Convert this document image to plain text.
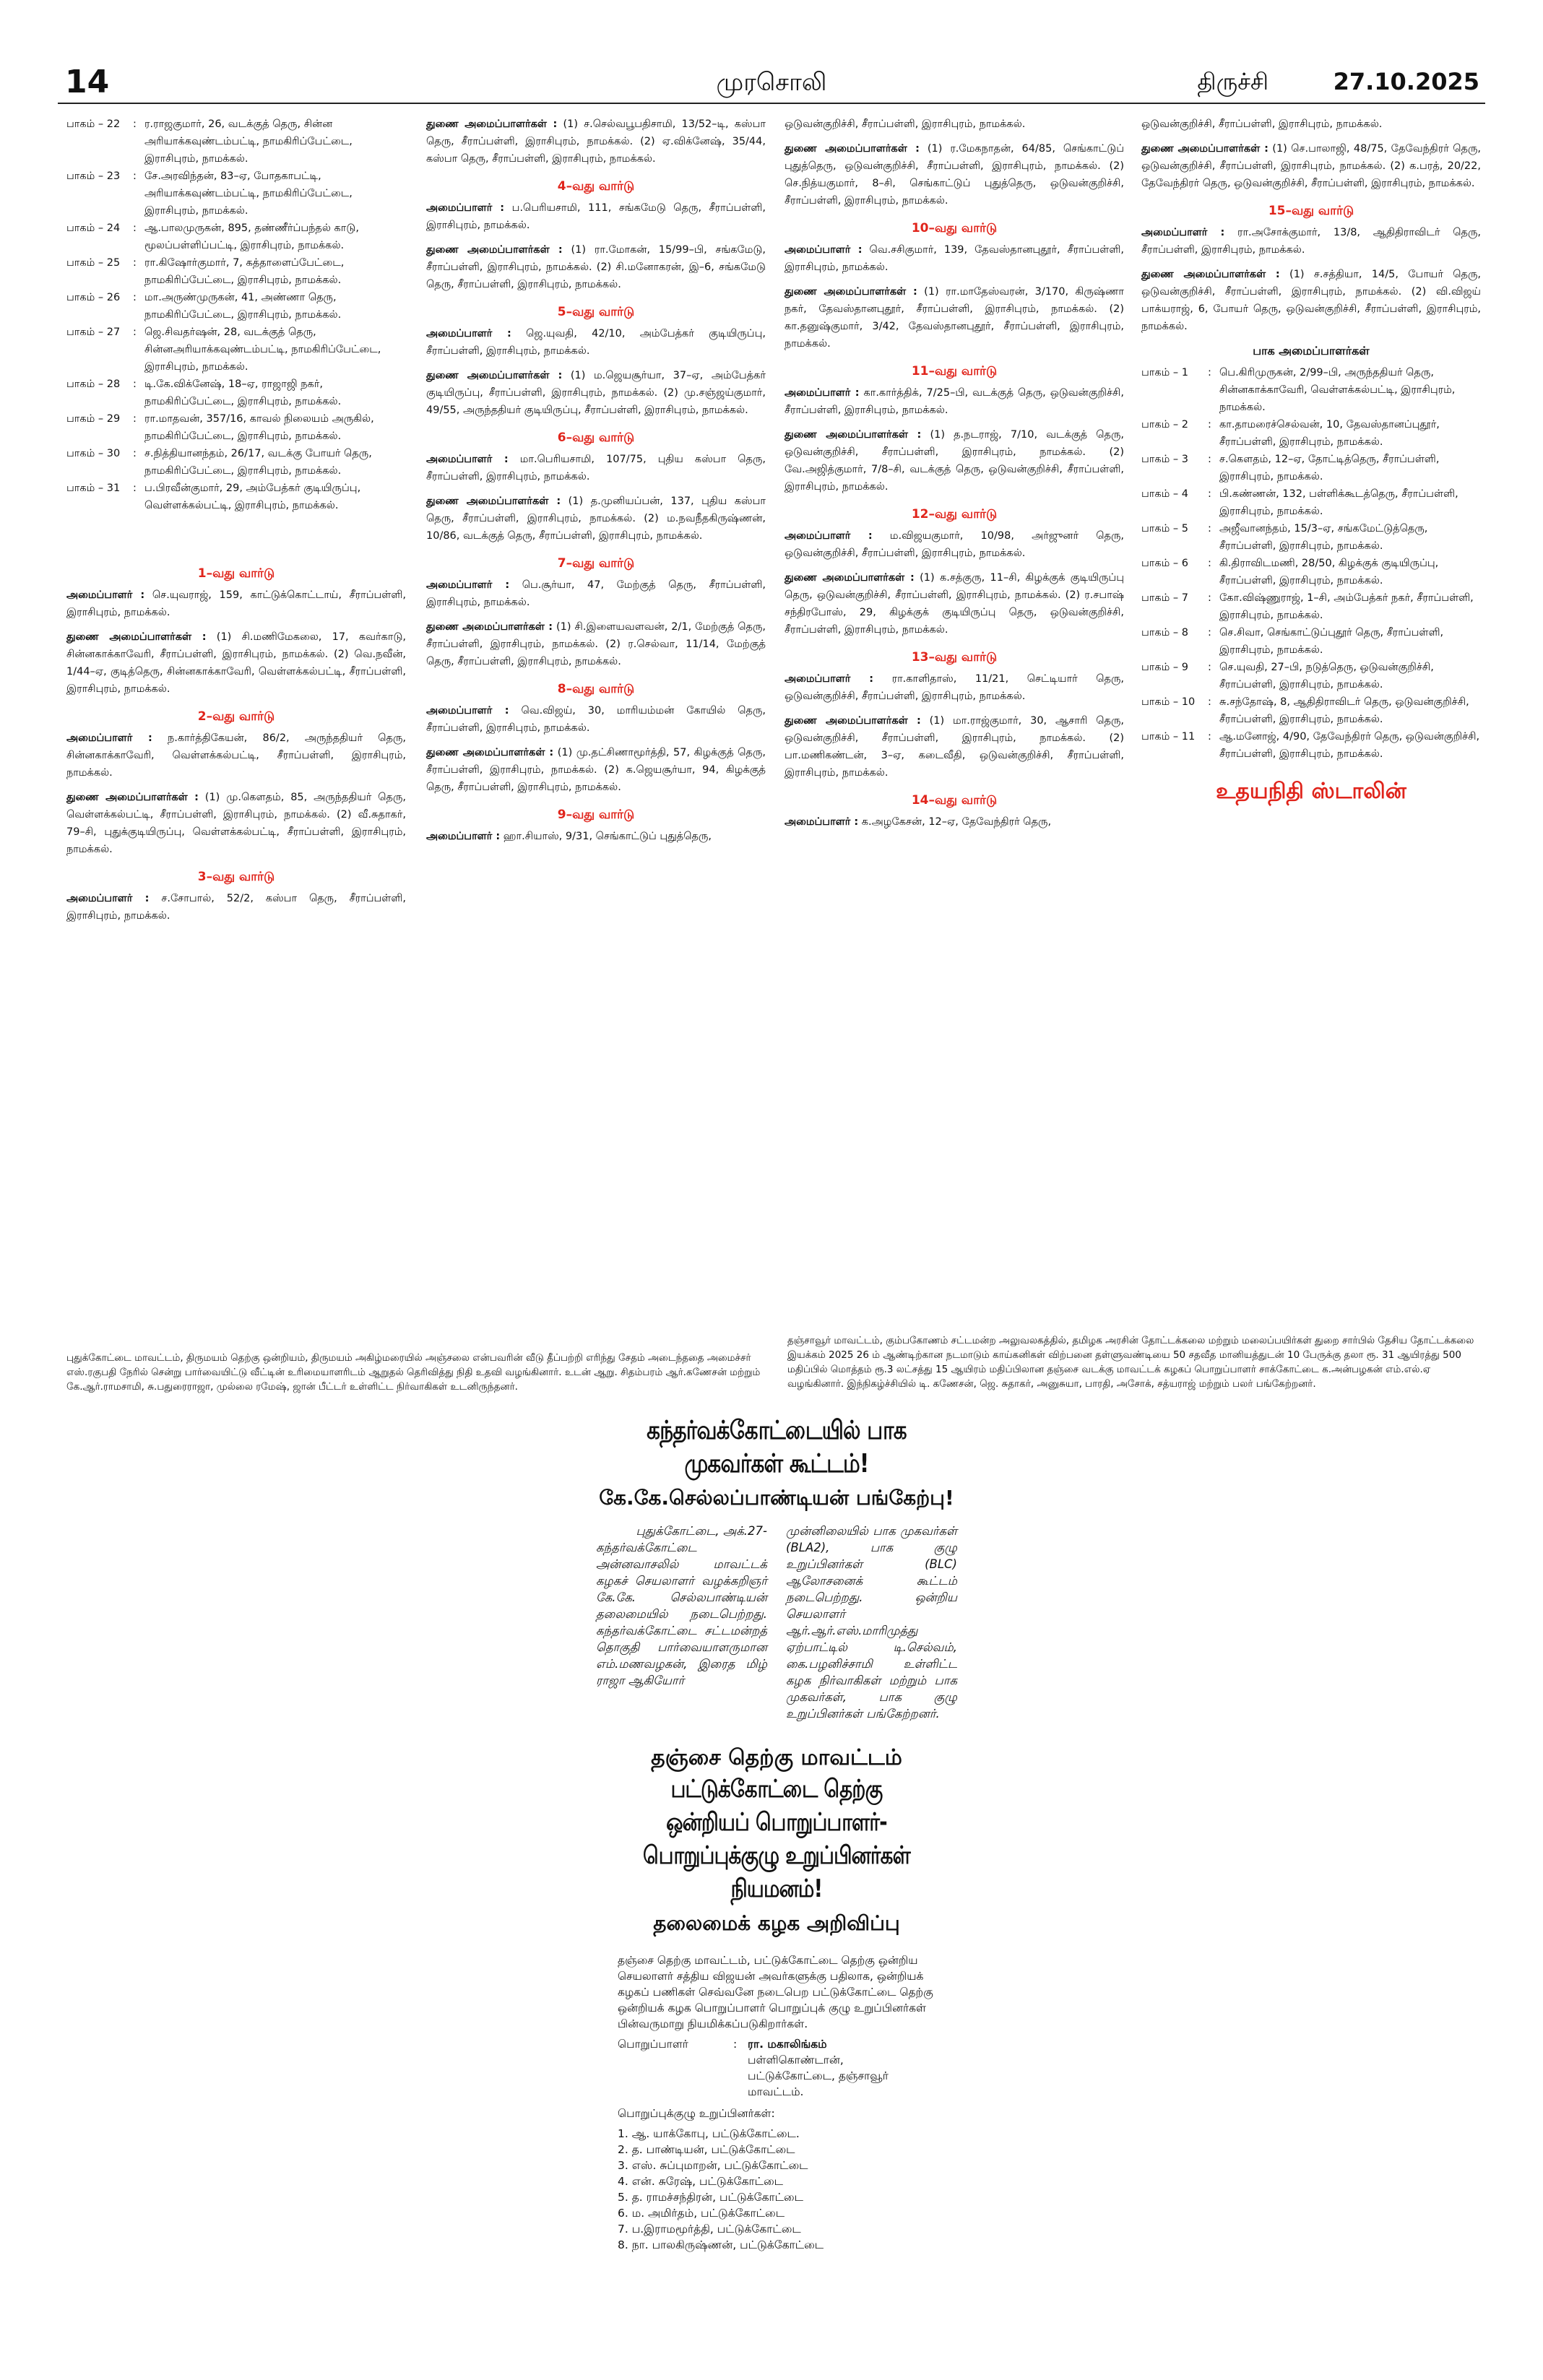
14	முரசொலி	திருச்சி	27.10.2025
பாகம் – 22	: ர.ராஜகுமார், 26, வடக்குத் தெரு, சின்ன அரியாக்கவுண்டம்பட்டி, நாமகிரிப்பேட்டை, இராசிபுரம், நாமக்கல்.
பாகம் – 23	: சே.அரவிந்தன், 83–ஏ, போதகாபட்டி, அரியாக்கவுண்டம்பட்டி, நாமகிரிப்பேட்டை, இராசிபுரம், நாமக்கல்.
பாகம் – 24	: ஆ.பாலமுருகன், 895, தண்ணீர்ப்பந்தல் காடு, மூலப்பள்ளிப்பட்டி, இராசிபுரம், நாமக்கல்.
பாகம் – 25	: ரா.கிஷோர்குமார், 7, கத்தாளைப்பேட்டை, நாமகிரிப்பேட்டை, இராசிபுரம், நாமக்கல்.
பாகம் – 26	: மா.அருண்முருகன், 41, அண்ணா தெரு, நாமகிரிப்பேட்டை, இராசிபுரம், நாமக்கல்.
பாகம் – 27	: ஜெ.சிவதர்ஷன், 28, வடக்குத் தெரு, சின்னஅரியாக்கவுண்டம்பட்டி, நாமகிரிப்பேட்டை, இராசிபுரம், நாமக்கல்.
பாகம் – 28	: டி.கே.விக்னேஷ், 18–ஏ, ராஜாஜி நகர், நாமகிரிப்பேட்டை, இராசிபுரம், நாமக்கல்.
பாகம் – 29	: ரா.மாதவன், 357/16, காவல் நிலையம் அருகில், நாமகிரிப்பேட்டை, இராசிபுரம், நாமக்கல்.
பாகம் – 30	: ச.நித்தியானந்தம், 26/17, வடக்கு போயர் தெரு, நாமகிரிப்பேட்டை, இராசிபுரம், நாமக்கல்.
பாகம் – 31	: ப.பிரவீன்குமார், 29, அம்பேத்கர் குடியிருப்பு, வெள்ளக்கல்பட்டி, இராசிபுரம், நாமக்கல்.
1–வது வார்டு
அமைப்பாளர் : செ.யுவராஜ், 159, காட்டுக்கொட்டாய், சீராப்பள்ளி, இராசிபுரம், நாமக்கல்.
துணை அமைப்பாளர்கள் : (1) சி.மணிமேகலை, 17, கவர்காடு, சின்னகாக்காவேரி, சீராப்பள்ளி, இராசிபுரம், நாமக்கல். (2) வெ.நவீன், 1/44–ஏ, குடித்தெரு, சின்னகாக்காவேரி, வெள்ளக்கல்பட்டி, சீராப்பள்ளி, இராசிபுரம், நாமக்கல்.
2–வது வார்டு
அமைப்பாளர் : ந.கார்த்திகேயன், 86/2, அருந்ததியர் தெரு, சின்னகாக்காவேரி, வெள்ளக்கல்பட்டி, சீராப்பள்ளி, இராசிபுரம், நாமக்கல்.
துணை அமைப்பாளர்கள் : (1) மு.கௌதம், 85, அருந்ததியர் தெரு, வெள்ளக்கல்பட்டி, சீராப்பள்ளி, இராசிபுரம், நாமக்கல். (2) வீ.சுதாகர், 79–சி, புதுக்குடியிருப்பு, வெள்ளக்கல்பட்டி, சீராப்பள்ளி, இராசிபுரம், நாமக்கல்.
3–வது வார்டு
அமைப்பாளர் : ச.சோபால், 52/2, கஸ்பா தெரு, சீராப்பள்ளி, இராசிபுரம், நாமக்கல்.
துணை அமைப்பாளர்கள் : (1) ச.செல்வபூபதிசாமி, 13/52–டி, கஸ்பா தெரு, சீராப்பள்ளி, இராசிபுரம், நாமக்கல். (2) ஏ.விக்னேஷ், 35/44, கஸ்பா தெரு, சீராப்பள்ளி, இராசிபுரம், நாமக்கல்.
4–வது வார்டு
அமைப்பாளர் : ப.பெரியசாமி, 111, சங்கமேடு தெரு, சீராப்பள்ளி, இராசிபுரம், நாமக்கல்.
துணை அமைப்பாளர்கள் : (1) ரா.மோகன், 15/99–பி, சங்கமேடு, சீராப்பள்ளி, இராசிபுரம், நாமக்கல். (2) சி.மனோகரன், இ–6, சங்கமேடு தெரு, சீராப்பள்ளி, இராசிபுரம், நாமக்கல்.
5–வது வார்டு
அமைப்பாளர் : ஜெ.யுவதி, 42/10, அம்பேத்கர் குடியிருப்பு, சீராப்பள்ளி, இராசிபுரம், நாமக்கல்.
துணை அமைப்பாளர்கள் : (1) ம.ஜெயசூர்யா, 37–ஏ, அம்பேத்கர் குடியிருப்பு, சீராப்பள்ளி, இராசிபுரம், நாமக்கல். (2) மு.சஞ்ஜய்குமார், 49/55, அருந்ததியர் குடியிருப்பு, சீராப்பள்ளி, இராசிபுரம், நாமக்கல்.
6–வது வார்டு
அமைப்பாளர் : மா.பெரியசாமி, 107/75, புதிய கஸ்பா தெரு, சீராப்பள்ளி, இராசிபுரம், நாமக்கல்.
துணை அமைப்பாளர்கள் : (1) த.முனியப்பன், 137, புதிய கஸ்பா தெரு, சீராப்பள்ளி, இராசிபுரம், நாமக்கல். (2) ம.நவநீதகிருஷ்ணன், 10/86, வடக்குத் தெரு, சீராப்பள்ளி, இராசிபுரம், நாமக்கல்.
7–வது வார்டு
அமைப்பாளர் : பெ.சூர்யா, 47, மேற்குத் தெரு, சீராப்பள்ளி, இராசிபுரம், நாமக்கல்.
துணை அமைப்பாளர்கள் : (1) சி.இளையவளவன், 2/1, மேற்குத் தெரு, சீராப்பள்ளி, இராசிபுரம், நாமக்கல். (2) ர.செல்வா, 11/14, மேற்குத் தெரு, சீராப்பள்ளி, இராசிபுரம், நாமக்கல்.
8–வது வார்டு
அமைப்பாளர் : வெ.விஜய், 30, மாரியம்மன் கோயில் தெரு, சீராப்பள்ளி, இராசிபுரம், நாமக்கல்.
துணை அமைப்பாளர்கள் : (1) மு.தட்சிணாமூர்த்தி, 57, கிழக்குத் தெரு, சீராப்பள்ளி, இராசிபுரம், நாமக்கல். (2) க.ஜெயசூர்யா, 94, கிழக்குத் தெரு, சீராப்பள்ளி, இராசிபுரம், நாமக்கல்.
9–வது வார்டு
அமைப்பாளர் : ஹா.சியாஸ், 9/31, செங்காட்டுப் புதுத்தெரு,
ஒடுவன்குறிச்சி, சீராப்பள்ளி, இராசிபுரம், நாமக்கல்.
துணை அமைப்பாளர்கள் : (1) ர.மேகநாதன், 64/85, செங்காட்டுப் புதுத்தெரு, ஒடுவன்குறிச்சி, சீராப்பள்ளி, இராசிபுரம், நாமக்கல். (2) செ.நித்யகுமார், 8–சி, செங்காட்டுப் புதுத்தெரு, ஒடுவன்குறிச்சி, சீராப்பள்ளி, இராசிபுரம், நாமக்கல்.
10–வது வார்டு
அமைப்பாளர் : வெ.சசிகுமார், 139, தேவஸ்தானபுதூர், சீராப்பள்ளி, இராசிபுரம், நாமக்கல்.
துணை அமைப்பாளர்கள் : (1) ரா.மாதேஸ்வரன், 3/170, கிருஷ்ணா நகர், தேவஸ்தானபுதூர், சீராப்பள்ளி, இராசிபுரம், நாமக்கல். (2) கா.தனுஷ்குமார், 3/42, தேவஸ்தானபுதூர், சீராப்பள்ளி, இராசிபுரம், நாமக்கல்.
11–வது வார்டு
அமைப்பாளர் : கா.கார்த்திக், 7/25–பி, வடக்குத் தெரு, ஒடுவன்குறிச்சி, சீராப்பள்ளி, இராசிபுரம், நாமக்கல்.
துணை அமைப்பாளர்கள் : (1) த.நடராஜ், 7/10, வடக்குத் தெரு, ஒடுவன்குறிச்சி, சீராப்பள்ளி, இராசிபுரம், நாமக்கல். (2) வே.அஜித்குமார், 7/8–சி, வடக்குத் தெரு, ஒடுவன்குறிச்சி, சீராப்பள்ளி, இராசிபுரம், நாமக்கல்.
12–வது வார்டு
அமைப்பாளர் : ம.விஜயகுமார், 10/98, அர்ஜுனர் தெரு, ஒடுவன்குறிச்சி, சீராப்பள்ளி, இராசிபுரம், நாமக்கல்.
துணை அமைப்பாளர்கள் : (1) க.சத்குரு, 11–சி, கிழக்குக் குடியிருப்பு தெரு, ஒடுவன்குறிச்சி, சீராப்பள்ளி, இராசிபுரம், நாமக்கல். (2) ர.சபாஷ் சந்திரபோஸ், 29, கிழக்குக் குடியிருப்பு தெரு, ஒடுவன்குறிச்சி, சீராப்பள்ளி, இராசிபுரம், நாமக்கல்.
13–வது வார்டு
அமைப்பாளர் : ரா.காளிதாஸ், 11/21, செட்டியார் தெரு, ஒடுவன்குறிச்சி, சீராப்பள்ளி, இராசிபுரம், நாமக்கல்.
துணை அமைப்பாளர்கள் : (1) மா.ராஜ்குமார், 30, ஆசாரி தெரு, ஒடுவன்குறிச்சி, சீராப்பள்ளி, இராசிபுரம், நாமக்கல். (2) பா.மணிகண்டன், 3–ஏ, கடைவீதி, ஒடுவன்குறிச்சி, சீராப்பள்ளி, இராசிபுரம், நாமக்கல்.
14–வது வார்டு
அமைப்பாளர் : க.அழகேசன், 12–ஏ, தேவேந்திரர் தெரு,
ஒடுவன்குறிச்சி, சீராப்பள்ளி, இராசிபுரம், நாமக்கல்.
துணை அமைப்பாளர்கள் : (1) செ.பாலாஜி, 48/75, தேவேந்திரர் தெரு, ஒடுவன்குறிச்சி, சீராப்பள்ளி, இராசிபுரம், நாமக்கல். (2) க.பரத், 20/22, தேவேந்திரர் தெரு, ஒடுவன்குறிச்சி, சீராப்பள்ளி, இராசிபுரம், நாமக்கல்.
15–வது வார்டு
அமைப்பாளர் : ரா.அசோக்குமார், 13/8, ஆதிதிராவிடர் தெரு, சீராப்பள்ளி, இராசிபுரம், நாமக்கல்.
துணை அமைப்பாளர்கள் : (1) ச.சத்தியா, 14/5, போயர் தெரு, ஒடுவன்குறிச்சி, சீராப்பள்ளி, இராசிபுரம், நாமக்கல். (2) வி.விஜய் பாக்யராஜ், 6, போயர் தெரு, ஒடுவன்குறிச்சி, சீராப்பள்ளி, இராசிபுரம், நாமக்கல்.
பாக அமைப்பாளர்கள்
பாகம் – 1	: பெ.கிரிமுருகன், 2/99–பி, அருந்ததியர் தெரு, சின்னகாக்காவேரி, வெள்ளக்கல்பட்டி, இராசிபுரம், நாமக்கல்.
பாகம் – 2	: கா.தாமரைச்செல்வன், 10, தேவஸ்தானப்புதூர், சீராப்பள்ளி, இராசிபுரம், நாமக்கல்.
பாகம் – 3	: ச.கௌதம், 12–ஏ, தோட்டித்தெரு, சீராப்பள்ளி, இராசிபுரம், நாமக்கல்.
பாகம் – 4	: பி.கண்ணன், 132, பள்ளிக்கூடத்தெரு, சீராப்பள்ளி, இராசிபுரம், நாமக்கல்.
பாகம் – 5	: அஜீவானந்தம், 15/3–ஏ, சங்கமேட்டுத்தெரு, சீராப்பள்ளி, இராசிபுரம், நாமக்கல்.
பாகம் – 6	: கி.திராவிடமணி, 28/50, கிழக்குக் குடியிருப்பு, சீராப்பள்ளி, இராசிபுரம், நாமக்கல்.
பாகம் – 7	: கோ.விஷ்ணுராஜ், 1–சி, அம்பேத்கர் நகர், சீராப்பள்ளி, இராசிபுரம், நாமக்கல்.
பாகம் – 8	: செ.சிவா, செங்காட்டுப்புதூர் தெரு, சீராப்பள்ளி, இராசிபுரம், நாமக்கல்.
பாகம் – 9	: செ.யுவதி, 27–பி, நடுத்தெரு, ஒடுவன்குறிச்சி, சீராப்பள்ளி, இராசிபுரம், நாமக்கல்.
பாகம் – 10	: சு.சந்தோஷ், 8, ஆதிதிராவிடர் தெரு, ஒடுவன்குறிச்சி, சீராப்பள்ளி, இராசிபுரம், நாமக்கல்.
பாகம் – 11	: ஆ.மனோஜ், 4/90, தேவேந்திரர் தெரு, ஒடுவன்குறிச்சி, சீராப்பள்ளி, இராசிபுரம், நாமக்கல்.
உதயநிதி ஸ்டாலின்
புதுக்கோட்டை மாவட்டம், திருமயம் தெற்கு ஒன்றியம், திருமயம் அகிழ்மரையில் அஞ்சலை என்பவரின் வீடு தீப்பற்றி எரிந்து சேதம் அடைந்ததை அமைச்சர் எஸ்.ரகுபதி நேரில் சென்று பார்வையிட்டு வீட்டின் உரிமையாளரிடம் ஆறுதல் தெரிவித்து நிதி உதவி வழங்கினார். உடன் ஆறு. சிதம்பரம் ஆர்.கணேசன் மற்றும் கே.ஆர்.ராமசாமி, சு.பதுரைராஜா, முல்லை ரமேஷ், ஜான் பீட்டர் உள்ளிட்ட நிர்வாகிகள் உடனிருந்தனர்.
தஞ்சாவூர் மாவட்டம், கும்பகோணம் சட்டமன்ற அலுவலகத்தில், தமிழக அரசின் தோட்டக்கலை மற்றும் மலைப்பயிர்கள் துறை சார்பில் தேசிய தோட்டக்கலை இயக்கம் 2025 26 ம் ஆண்டிற்கான நடமாடும் காய்கனிகள் விற்பனை தள்ளுவண்டியை 50 சதவீத மானியத்துடன் 10 பேருக்கு தலா ரூ. 31 ஆயிரத்து 500 மதிப்பில் மொத்தம் ரூ.3 லட்சத்து 15 ஆயிரம் மதிப்பிலான தஞ்சை வடக்கு மாவட்டக் கழகப் பொறுப்பாளர் சாக்கோட்டை க.அன்பழகன் எம்.எல்.ஏ வழங்கினார். இந்நிகழ்ச்சியில் டி. கணேசன், ஜெ. சுதாகர், அனுசுயா, பாரதி, அசோக், சத்யராஜ் மற்றும் பலர் பங்கேற்றனர்.
கந்தர்வக்கோட்டையில் பாக முகவர்கள் கூட்டம்!
கே.கே.செல்லப்பாண்டியன் பங்கேற்பு!
புதுக்கோட்டை, அக்.27-
கந்தர்வக்கோட்டை அன்னவாசலில் மாவட்டக் கழகச் செயலாளர் வழக்கறிஞர் கே.கே. செல்லபாண்டியன் தலைமையில் நடைபெற்றது. கந்தர்வக்கோட்டை சட்டமன்றத் தொகுதி பார்வையாளருமான எம்.மணவழகன், இரைத மிழ் ராஜா ஆகியோர்
முன்னிலையில் பாக முகவர்கள் (BLA2), பாக குழு உறுப்பினர்கள் (BLC) ஆலோசனைக் கூட்டம் நடைபெற்றது. ஒன்றிய செயலாளர் ஆர்.ஆர்.எஸ்.மாரிமுத்து ஏற்பாட்டில் டி.செல்வம், கை.பழனிச்சாமி உள்ளிட்ட கழக நிர்வாகிகள் மற்றும் பாக முகவர்கள், பாக குழு உறுப்பினர்கள் பங்கேற்றனர்.
தஞ்சை தெற்கு மாவட்டம்
பட்டுக்கோட்டை தெற்கு ஒன்றியப் பொறுப்பாளர்-
பொறுப்புக்குழு உறுப்பினர்கள் நியமனம்!
தலைமைக் கழக அறிவிப்பு
தஞ்சை தெற்கு மாவட்டம், பட்டுக்கோட்டை தெற்கு ஒன்றிய செயலாளர் சத்திய விஜயன் அவர்களுக்கு பதிலாக, ஒன்றியக் கழகப் பணிகள் செவ்வனே நடைபெற பட்டுக்கோட்டை தெற்கு ஒன்றியக் கழக பொறுப்பாளர் பொறுப்புக் குழு உறுப்பினர்கள் பின்வருமாறு நியமிக்கப்படுகிறார்கள்.
பொறுப்பாளர்	: ரா. மகாலிங்கம்
பள்ளிகொண்டான், பட்டுக்கோட்டை, தஞ்சாவூர் மாவட்டம்.
பொறுப்புக்குழு உறுப்பினர்கள்:
1. ஆ. யாக்கோபு, பட்டுக்கோட்டை.
2. த. பாண்டியன், பட்டுக்கோட்டை
3. எஸ். சுப்புமாறன், பட்டுக்கோட்டை
4. என். சுரேஷ், பட்டுக்கோட்டை
5. த. ராமச்சந்திரன், பட்டுக்கோட்டை
6. ம. அமிர்தம், பட்டுக்கோட்டை
7. ப.இராமமூர்த்தி, பட்டுக்கோட்டை
8. நா. பாலகிருஷ்ணன், பட்டுக்கோட்டை
